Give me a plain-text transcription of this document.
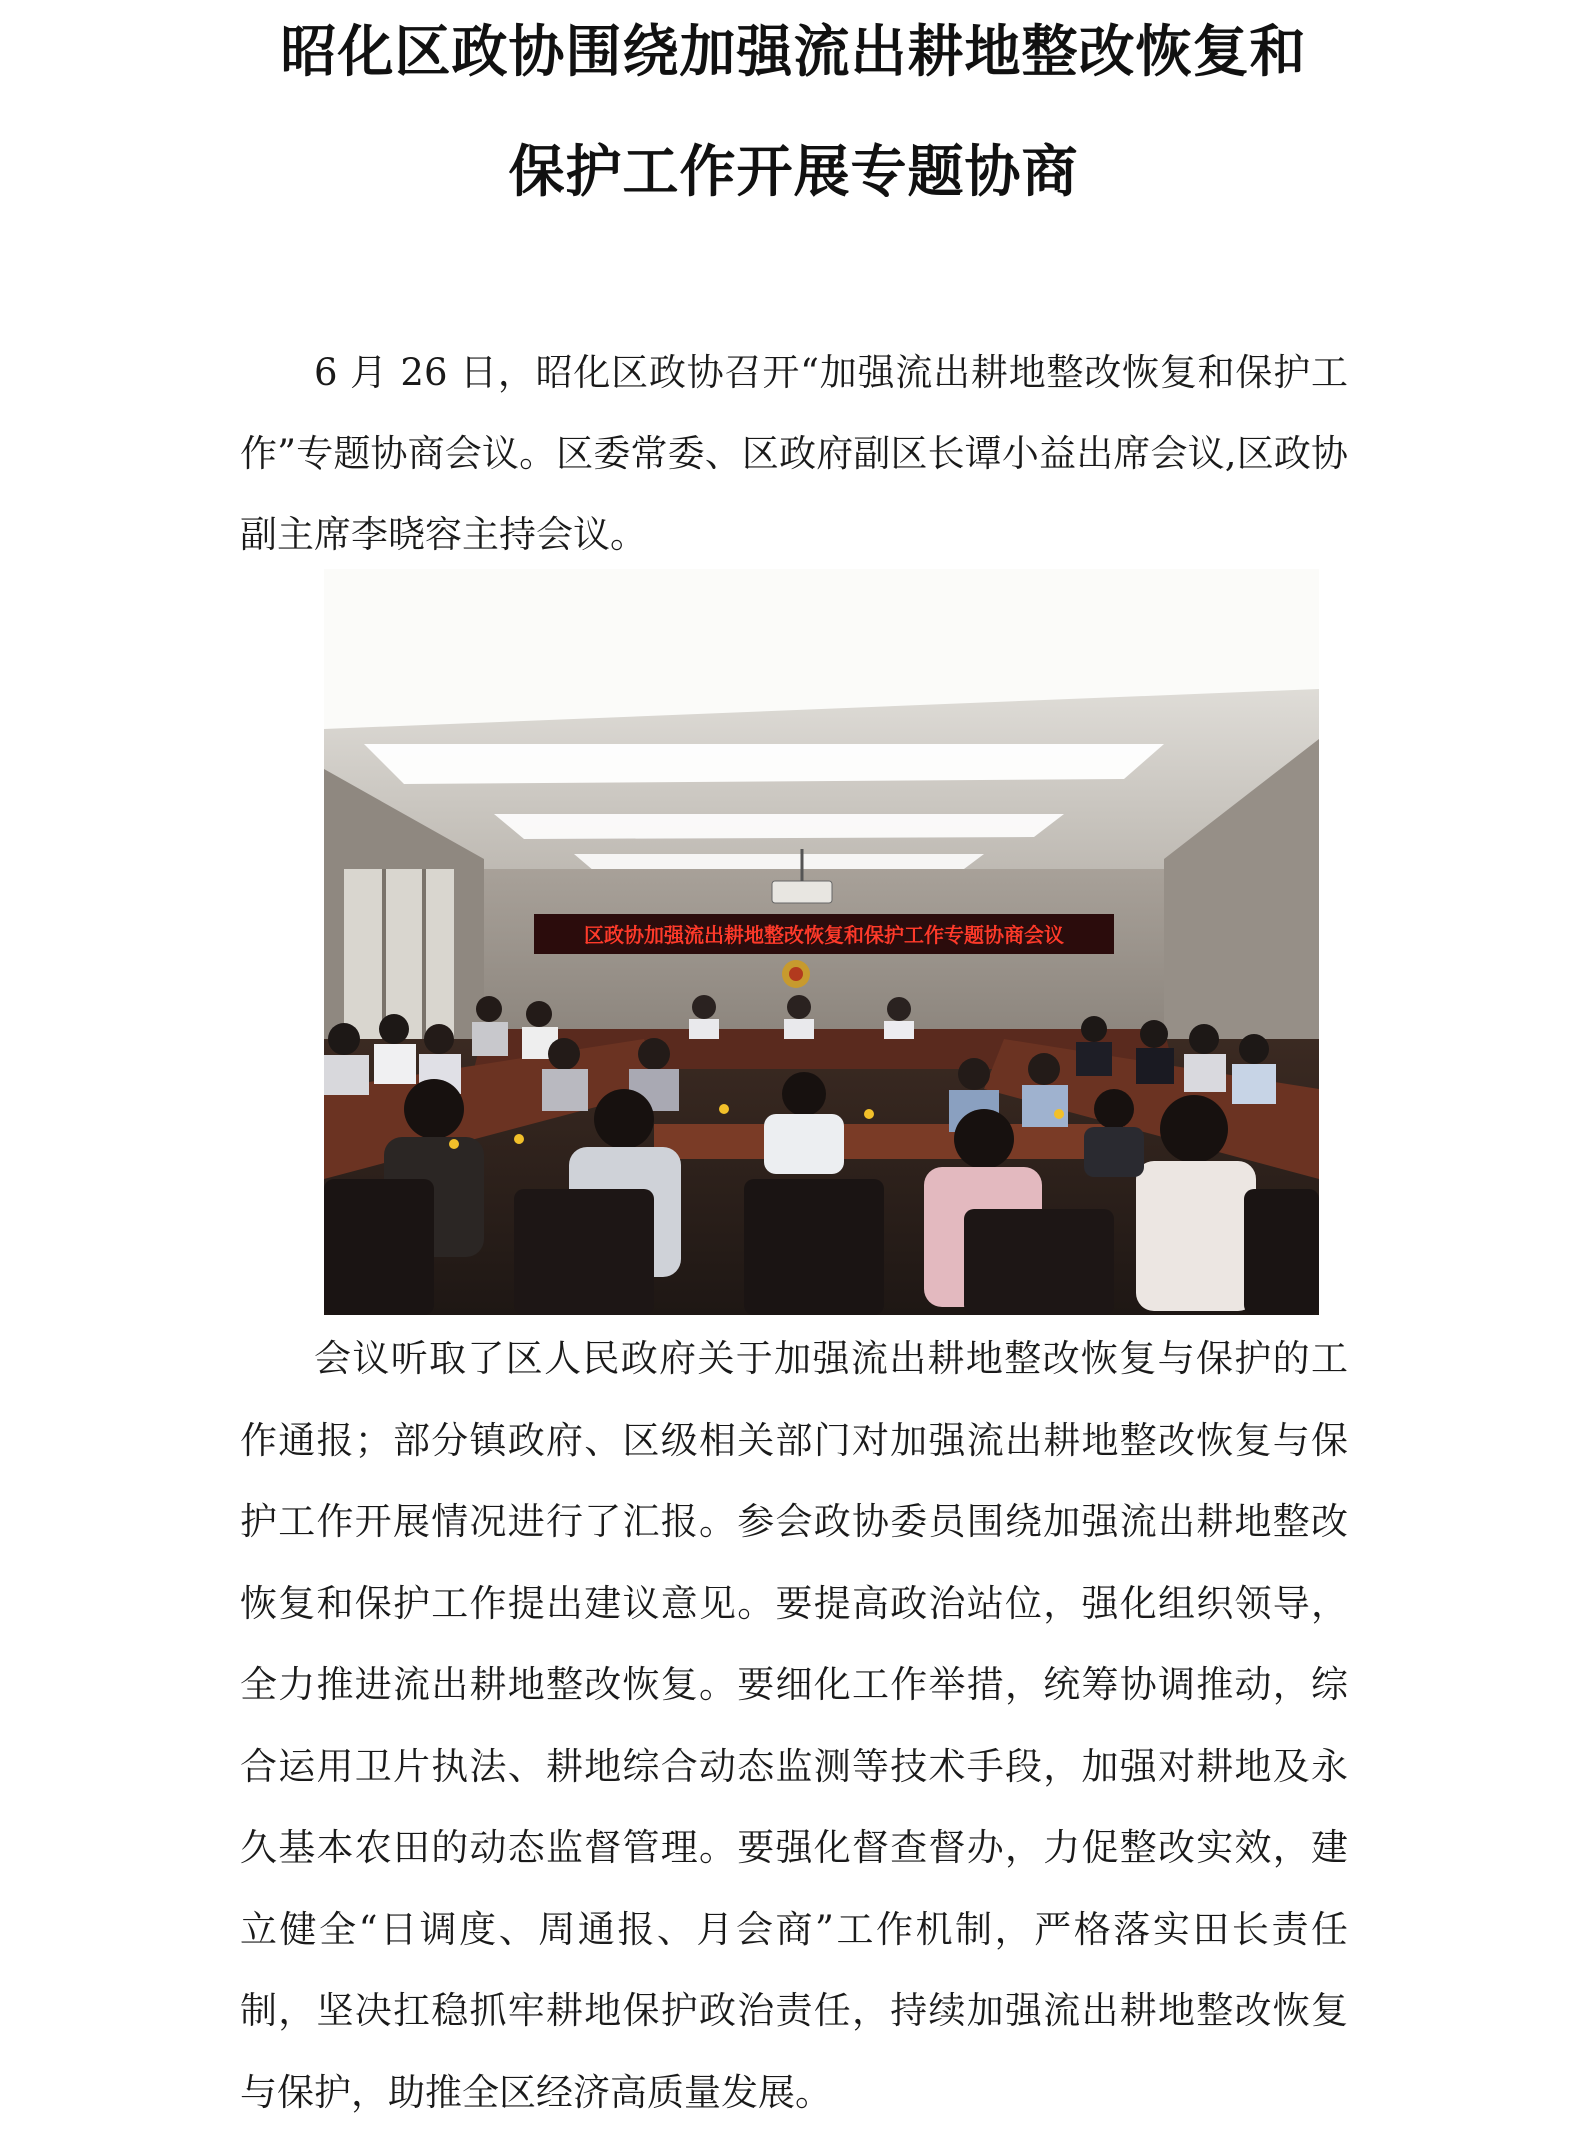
昭化区政协围绕加强流出耕地整改恢复和
保护工作开展专题协商

6 月 26 日，昭化区政协召开“加强流出耕地整改恢复和保护工作”专题协商会议。区委常委、区政府副区长谭小益出席会议,区政协副主席李晓容主持会议。

区政协加强流出耕地整改恢复和保护工作专题协商会议

会议听取了区人民政府关于加强流出耕地整改恢复与保护的工作通报；部分镇政府、区级相关部门对加强流出耕地整改恢复与保护工作开展情况进行了汇报。参会政协委员围绕加强流出耕地整改恢复和保护工作提出建议意见。要提高政治站位，强化组织领导，全力推进流出耕地整改恢复。要细化工作举措，统筹协调推动，综合运用卫片执法、耕地综合动态监测等技术手段，加强对耕地及永久基本农田的动态监督管理。要强化督查督办，力促整改实效，建立健全“日调度、周通报、月会商”工作机制，严格落实田长责任制，坚决扛稳抓牢耕地保护政治责任，持续加强流出耕地整改恢复与保护，助推全区经济高质量发展。
